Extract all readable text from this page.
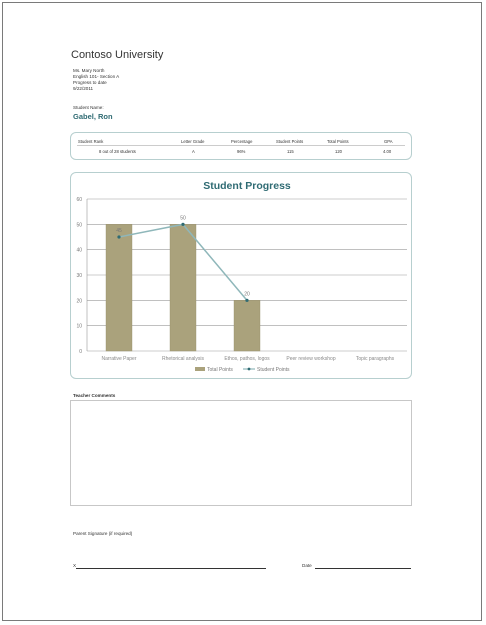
Contoso University
Ms. Mary North
English 101- Section A
Progress to date
9/22/2011
Student Name:
Gabel, Ron
Student Rank	Letter Grade	Percentage	Student Points	Total Points	GPA
8 out of 28 students	A	96%	115	120	4.00
Student Progress
0
10
20
30
40
50
60
Narrative Paper	Rhetorical analysis	Ethos, pathos, logos	Peer review workshop	Topic paragraphs
45
50
20
Total Points	Student Points
Teacher Comments
Parent Signature (if required)
X	Date
